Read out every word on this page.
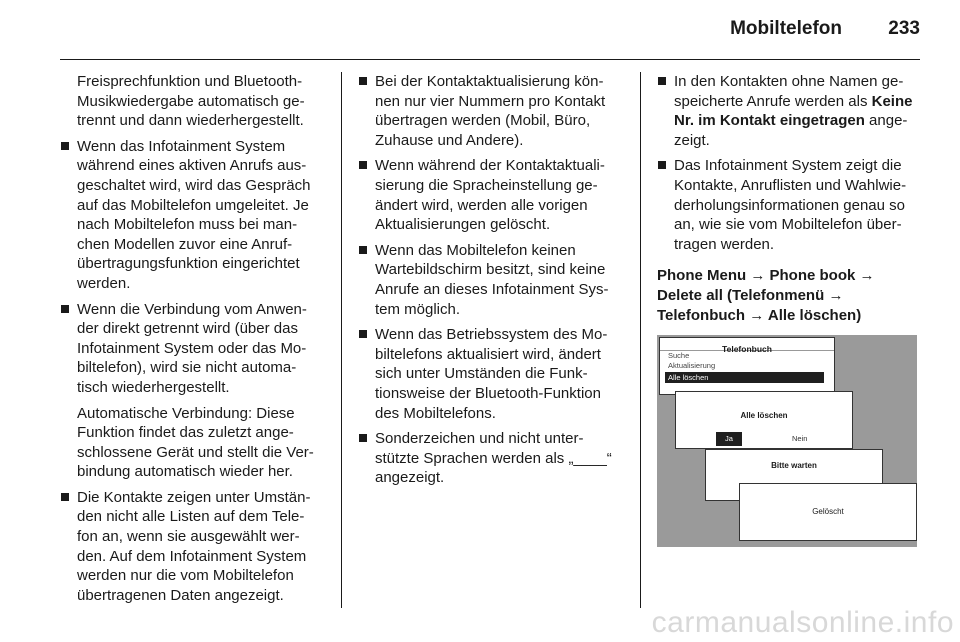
Mobiltelefon 233

Freisprechfunktion und Bluetooth-Musikwiedergabe automatisch ge-trennt und dann wiederhergestellt.

Wenn das Infotainment System während eines aktiven Anrufs aus-geschaltet wird, wird das Gespräch auf das Mobiltelefon umgeleitet. Je nach Mobiltelefon muss bei man-chen Modellen zuvor eine Anruf-übertragungsfunktion eingerichtet werden.

Wenn die Verbindung vom Anwen-der direkt getrennt wird (über das Infotainment System oder das Mo-biltelefon), wird sie nicht automa-tisch wiederhergestellt.

Automatische Verbindung: Diese Funktion findet das zuletzt ange-schlossene Gerät und stellt die Ver-bindung automatisch wieder her.

Die Kontakte zeigen unter Umstän-den nicht alle Listen auf dem Tele-fon an, wenn sie ausgewählt wer-den. Auf dem Infotainment System werden nur die vom Mobiltelefon übertragenen Daten angezeigt.

Bei der Kontaktaktualisierung kön-nen nur vier Nummern pro Kontakt übertragen werden (Mobil, Büro, Zuhause und Andere).

Wenn während der Kontaktaktuali-sierung die Spracheinstellung ge-ändert wird, werden alle vorigen Aktualisierungen gelöscht.

Wenn das Mobiltelefon keinen Wartebildschirm besitzt, sind keine Anrufe an dieses Infotainment Sys-tem möglich.

Wenn das Betriebssystem des Mo-biltelefons aktualisiert wird, ändert sich unter Umständen die Funk-tionsweise der Bluetooth-Funktion des Mobiltelefons.

Sonderzeichen und nicht unter-stützte Sprachen werden als „____“ angezeigt.

In den Kontakten ohne Namen ge-speicherte Anrufe werden als Keine Nr. im Kontakt eingetragen ange-zeigt.

Das Infotainment System zeigt die Kontakte, Anruflisten und Wahlwie-derholungsinformationen genau so an, wie sie vom Mobiltelefon über-tragen werden.

Phone Menu → Phone book → Delete all (Telefonmenü → Telefonbuch → Alle löschen)

Telefonbuch
Suche
Aktualisierung
Alle löschen
Alle löschen
Ja	Nein
Bitte warten
Gelöscht
carmanualsonline.info
